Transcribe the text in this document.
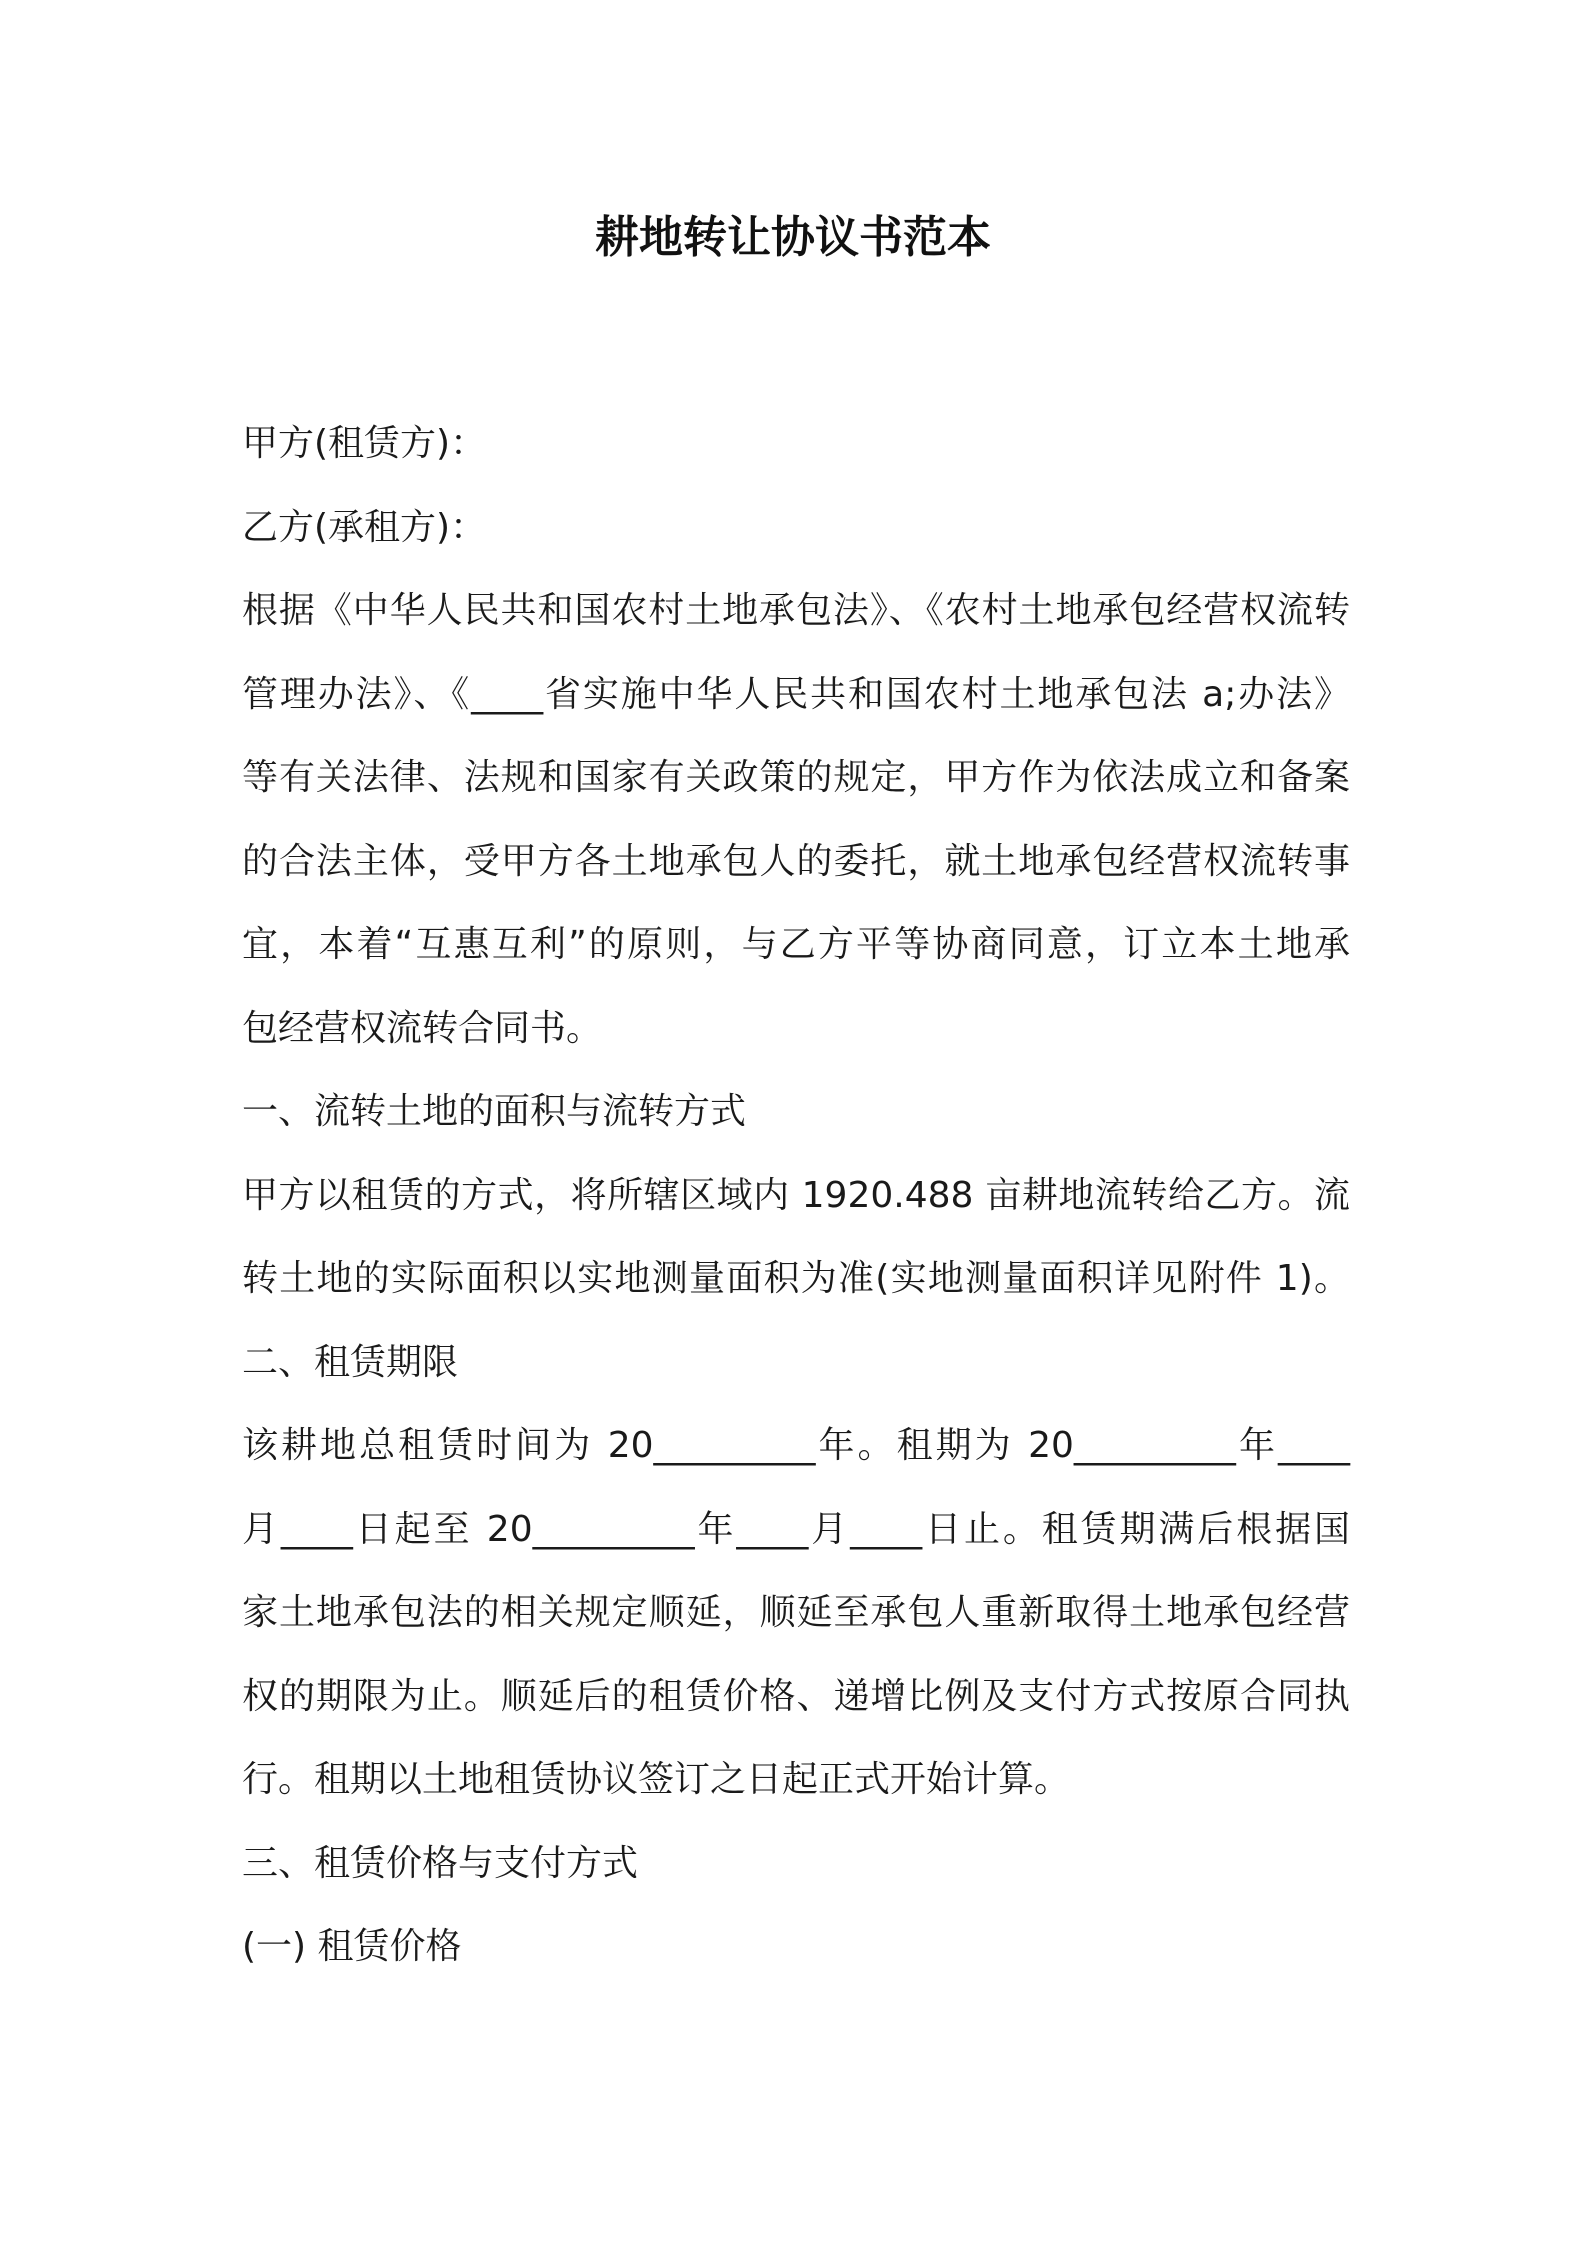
耕地转让协议书范本
甲方(租赁方)：
乙方(承租方)：
根据《中华人民共和国农村土地承包法》、《农村土地承包经营权流转
管理办法》、《____省实施中华人民共和国农村土地承包法 a;办法》
等有关法律、法规和国家有关政策的规定，甲方作为依法成立和备案
的合法主体，受甲方各土地承包人的委托，就土地承包经营权流转事
宜，本着“互惠互利”的原则，与乙方平等协商同意，订立本土地承
包经营权流转合同书。
一、流转土地的面积与流转方式
甲方以租赁的方式，将所辖区域内 1920.488 亩耕地流转给乙方。流
转土地的实际面积以实地测量面积为准(实地测量面积详见附件 1)。
二、租赁期限
该耕地总租赁时间为 20_________年。租期为 20_________年____
月____日起至 20_________年____月____日止。租赁期满后根据国
家土地承包法的相关规定顺延，顺延至承包人重新取得土地承包经营
权的期限为止。顺延后的租赁价格、递增比例及支付方式按原合同执
行。租期以土地租赁协议签订之日起正式开始计算。
三、租赁价格与支付方式
(一) 租赁价格
